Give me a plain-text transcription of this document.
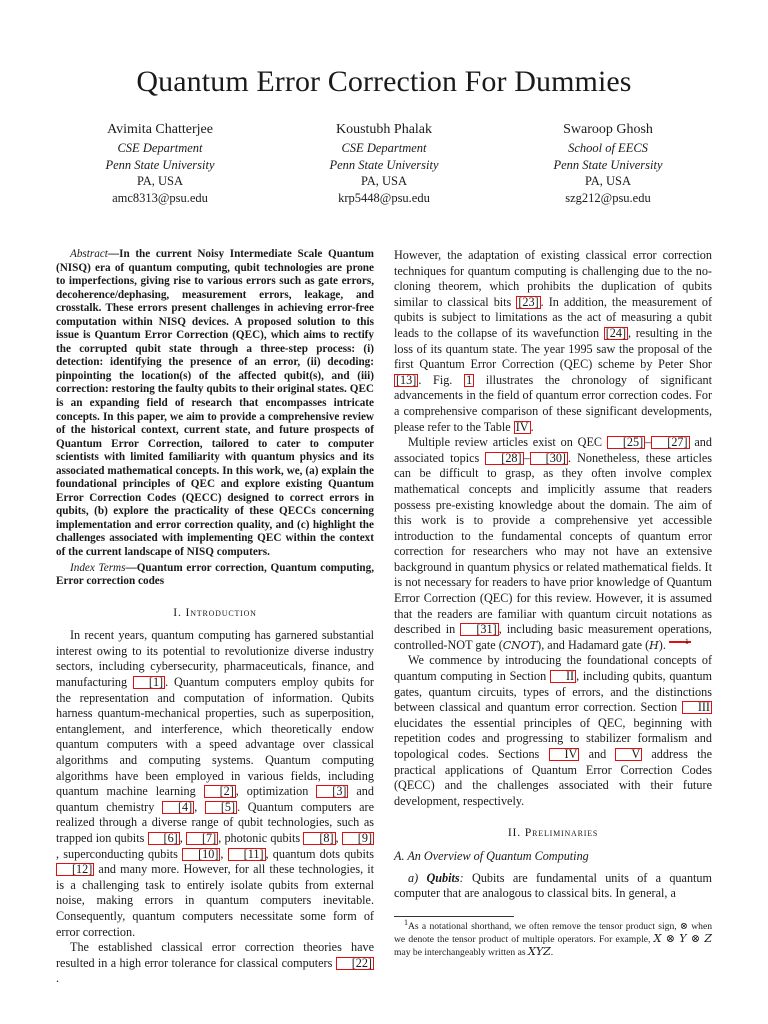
Quantum Error Correction For Dummies
Avimita Chatterjee
CSE Department
Penn State University
PA, USA
amc8313@psu.edu
Koustubh Phalak
CSE Department
Penn State University
PA, USA
krp5448@psu.edu
Swaroop Ghosh
School of EECS
Penn State University
PA, USA
szg212@psu.edu

Abstract—In the current Noisy Intermediate Scale Quantum (NISQ) era of quantum computing, qubit technologies are prone to imperfections, giving rise to various errors such as gate errors, decoherence/dephasing, measurement errors, leakage, and crosstalk. These errors present challenges in achieving error-free computation within NISQ devices. A proposed solution to this issue is Quantum Error Correction (QEC), which aims to rectify the corrupted qubit state through a three-step process: (i) detection: identifying the presence of an error, (ii) decoding: pinpointing the location(s) of the affected qubit(s), and (iii) correction: restoring the faulty qubits to their original states. QEC is an expanding field of research that encompasses intricate concepts. In this paper, we aim to provide a comprehensive review of the historical context, current state, and future prospects of Quantum Error Correction, tailored to cater to computer scientists with limited familiarity with quantum physics and its associated mathematical concepts. In this work, we, (a) explain the foundational principles of QEC and explore existing Quantum Error Correction Codes (QECC) designed to correct errors in qubits, (b) explore the practicality of these QECCs concerning implementation and error correction quality, and (c) highlight the challenges associated with implementing QEC within the context of the current landscape of NISQ computers.

Index Terms—Quantum error correction, Quantum computing, Error correction codes

I. Introduction

In recent years, quantum computing has garnered substantial interest owing to its potential to revolutionize diverse industry sectors, including cybersecurity, pharmaceuticals, finance, and manufacturing [1] . Quantum computers employ qubits for the representation and computation of information. Qubits harness quantum-mechanical properties, such as superposition, entanglement, and interference, which theoretically endow quantum computers with a speed advantage over classical algorithms and computing systems. Quantum computing algorithms have been employed in various fields, including quantum machine learning [2] , optimization [3] and quantum chemistry [4] , [5] . Quantum computers are realized through a diverse range of qubit technologies, such as trapped ion qubits [6] , [7] , photonic qubits [8] , [9], superconducting qubits [10] , [11] , quantum dots qubits [12] and many more. However, for all these technologies, it is a challenging task to entirely isolate qubits from external noise, making errors in quantum computers inevitable. Consequently, quantum computers necessitate some form of error correction.

The established classical error correction theories have resulted in a high error tolerance for classical computers [22].

However, the adaptation of existing classical error correction techniques for quantum computing is challenging due to the no-cloning theorem, which prohibits the duplication of qubits similar to classical bits [23] . In addition, the measurement of qubits is subject to limitations as the act of measuring a qubit leads to the collapse of its wavefunction [24] , resulting in the loss of its quantum state. The year 1995 saw the proposal of the first Quantum Error Correction (QEC) scheme by Peter Shor [13] . Fig. 1 illustrates the chronology of significant advancements in the field of quantum error correction codes. For a comprehensive comparison of these significant developments, please refer to the Table IV .

Multiple review articles exist on QEC [25] – [27] and associated topics [28] – [30] . Nonetheless, these articles can be difficult to grasp, as they often involve complex mathematical concepts and implicitly assume that readers possess pre-existing knowledge about the domain. The aim of this work is to provide a comprehensive yet accessible introduction to the fundamental concepts of quantum error correction for researchers who may not have an extensive background in quantum physics or related mathematical fields. It is not necessary for readers to have prior knowledge of Quantum Error Correction (QEC) for this review. However, it is assumed that the readers are familiar with quantum circuit notations as described in [31] , including basic measurement operations, controlled-NOT gate (CNOT), and Hadamard gate (H). 1

We commence by introducing the foundational concepts of quantum computing in Section II , including qubits, quantum gates, quantum circuits, types of errors, and the distinctions between classical and quantum error correction. Section III elucidates the essential principles of QEC, beginning with repetition codes and progressing to stabilizer formalism and topological codes. Sections IV and V address the practical applications of Quantum Error Correction Codes (QECC) and the challenges associated with their future development, respectively.

II. Preliminaries
A. An Overview of Quantum Computing

a) Qubits: Qubits are fundamental units of a quantum computer that are analogous to classical bits. In general, a

$^1$As a notational shorthand, we often remove the tensor product sign, ⊗ when we denote the tensor product of multiple operators. For example, X ⊗ Y ⊗ Z may be interchangeably written as XYZ.
